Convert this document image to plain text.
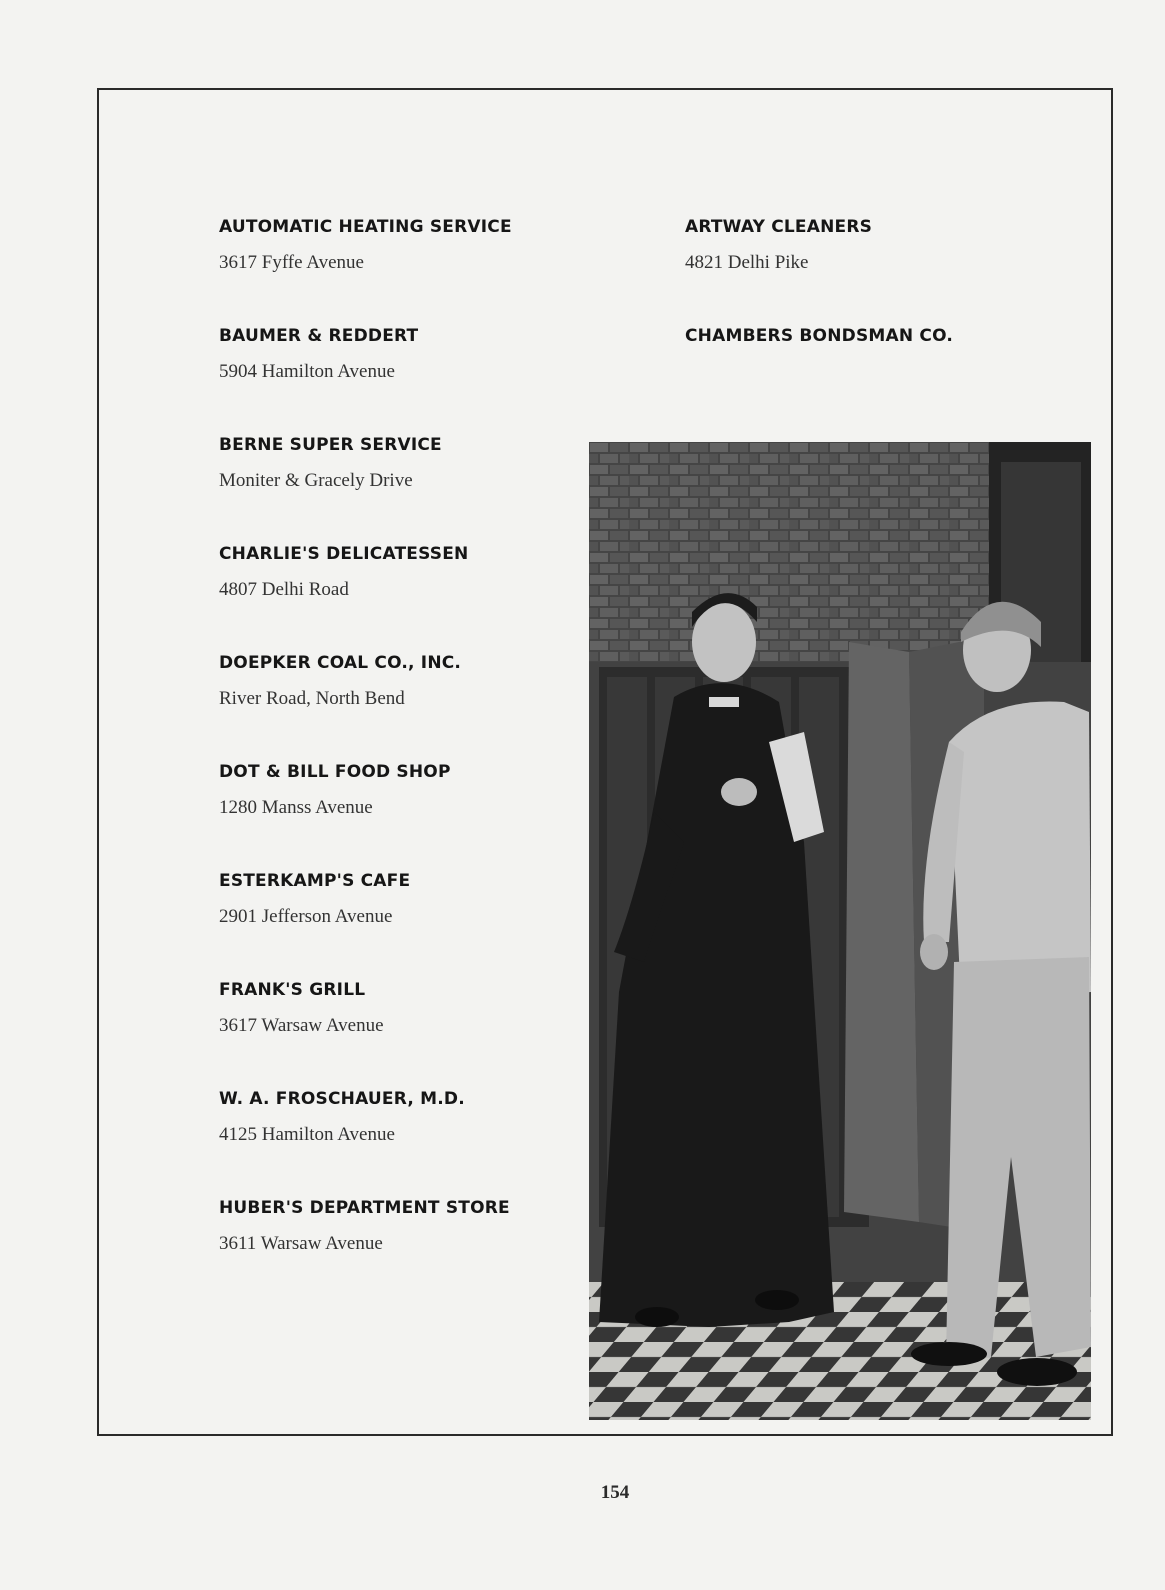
AUTOMATIC HEATING SERVICE
3617 Fyffe Avenue
BAUMER & REDDERT
5904 Hamilton Avenue
BERNE SUPER SERVICE
Moniter & Gracely Drive
CHARLIE'S DELICATESSEN
4807 Delhi Road
DOEPKER COAL CO., INC.
River Road, North Bend
DOT & BILL FOOD SHOP
1280 Manss Avenue
ESTERKAMP'S CAFE
2901 Jefferson Avenue
FRANK'S GRILL
3617 Warsaw Avenue
W. A. FROSCHAUER, M.D.
4125 Hamilton Avenue
HUBER'S DEPARTMENT STORE
3611 Warsaw Avenue
ARTWAY CLEANERS
4821 Delhi Pike
CHAMBERS BONDSMAN CO.
154
